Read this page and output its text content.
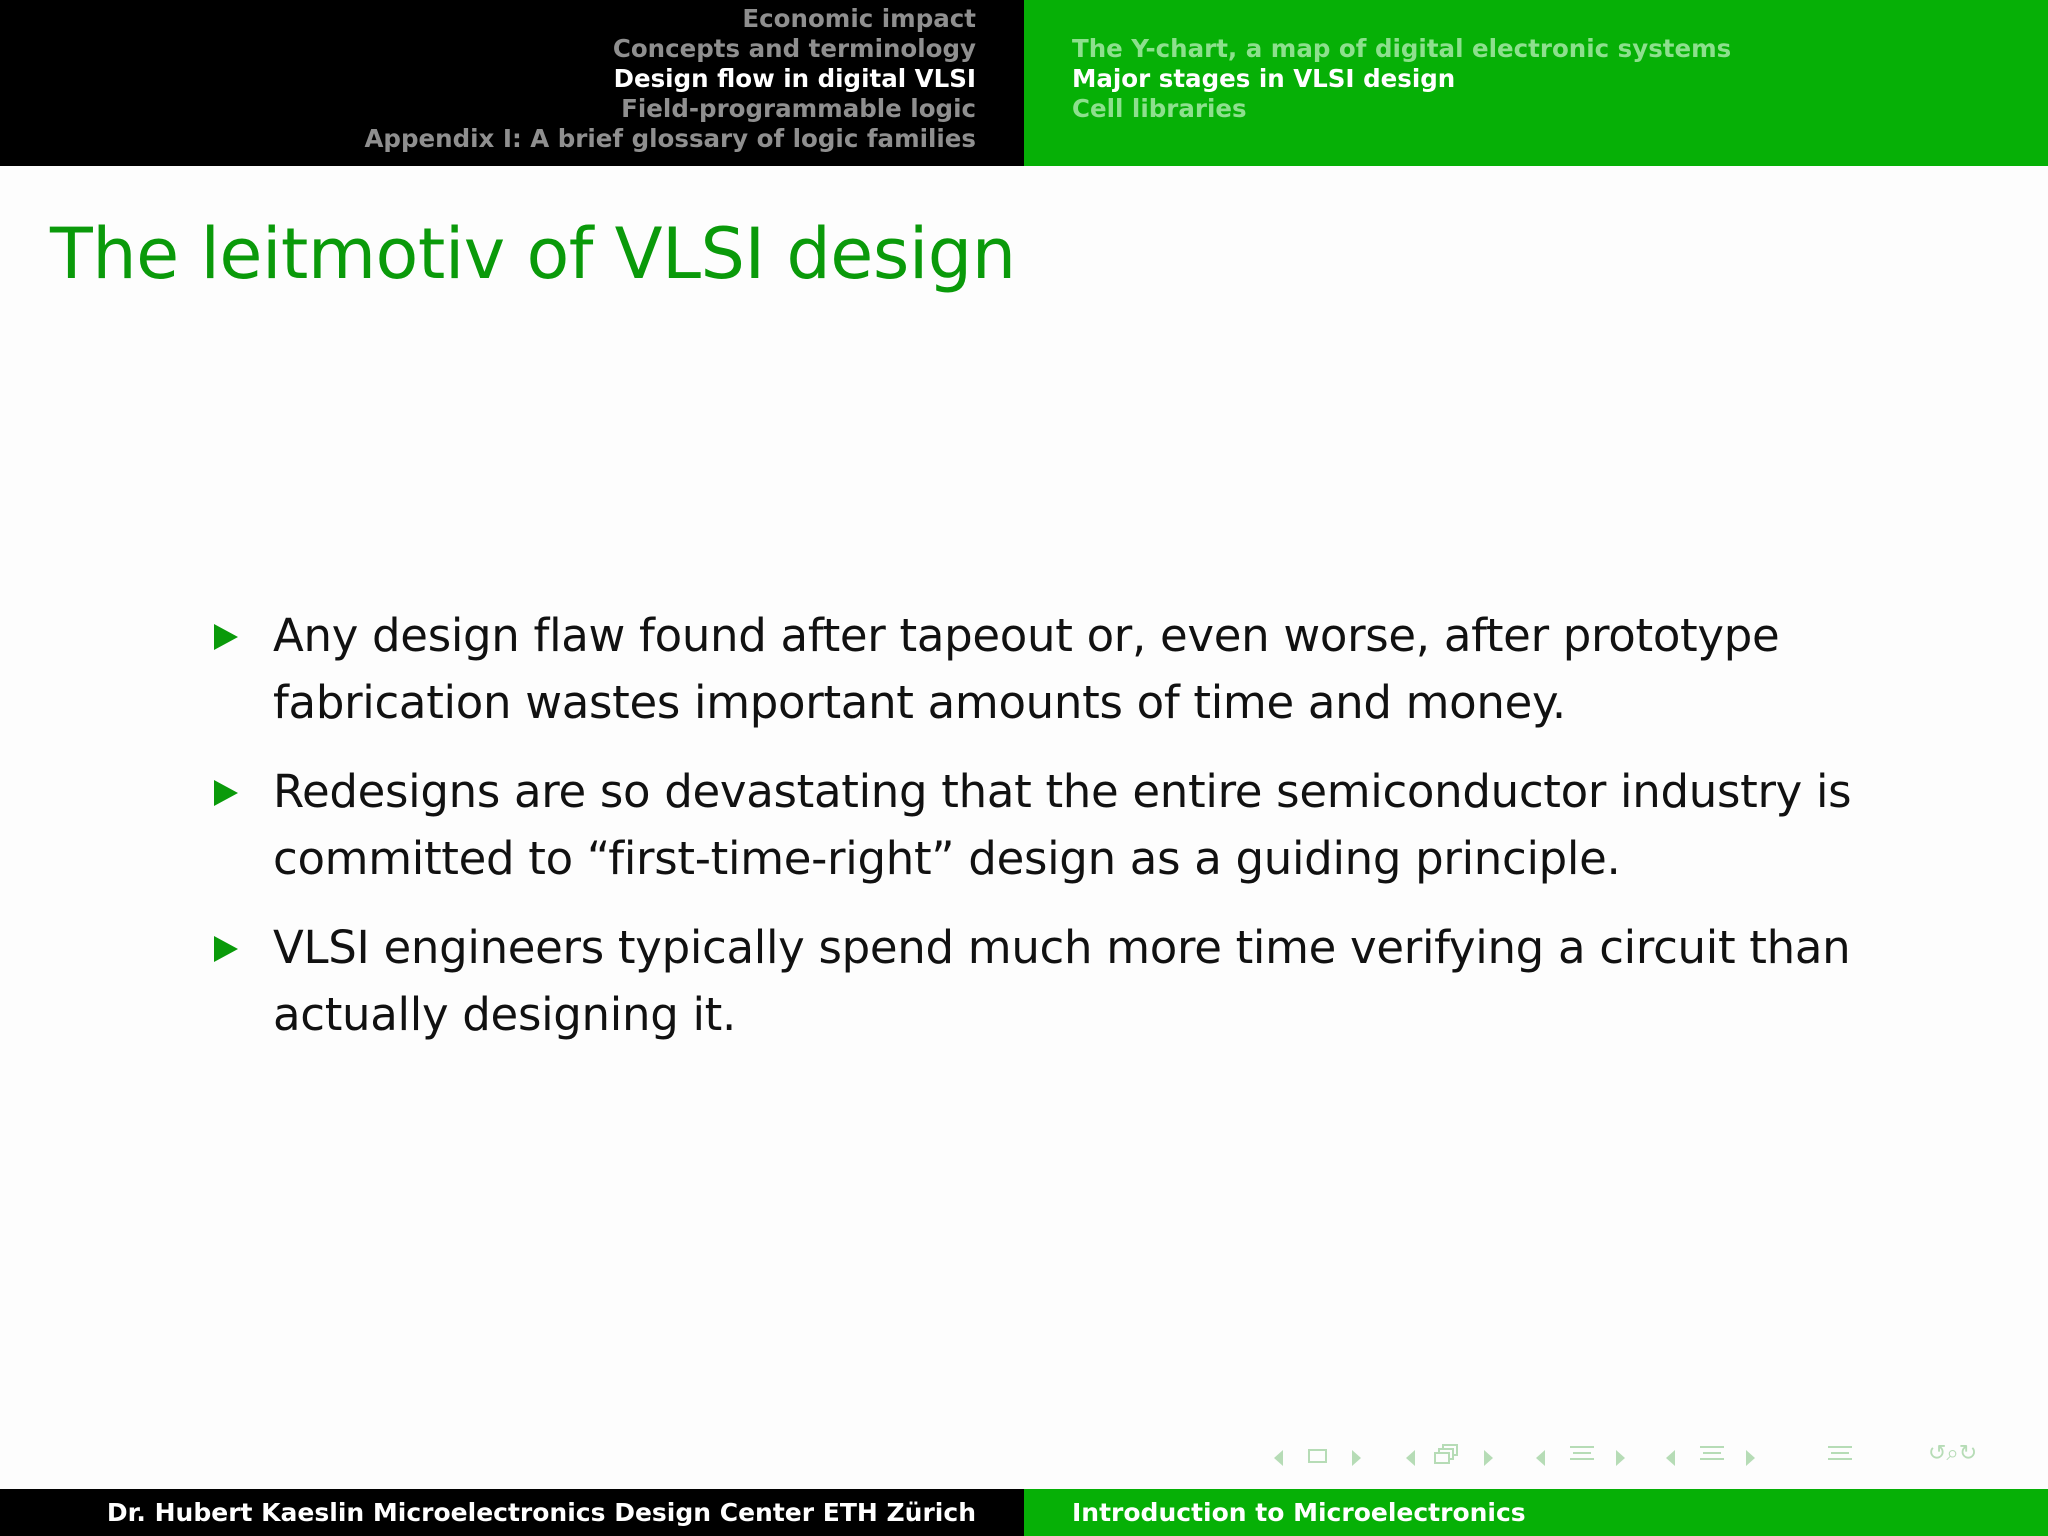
Economic impact
Concepts and terminology
Design flow in digital VLSI
Field-programmable logic
Appendix I: A brief glossary of logic families
The Y-chart, a map of digital electronic systems
Major stages in VLSI design
Cell libraries
The leitmotiv of VLSI design
Any design flaw found after tapeout or, even worse, after prototype fabrication wastes important amounts of time and money.
Redesigns are so devastating that the entire semiconductor industry is committed to “first-time-right” design as a guiding principle.
VLSI engineers typically spend much more time verifying a circuit than actually designing it.
↺⌕↻
Dr. Hubert Kaeslin Microelectronics Design Center ETH Zürich	Introduction to Microelectronics
